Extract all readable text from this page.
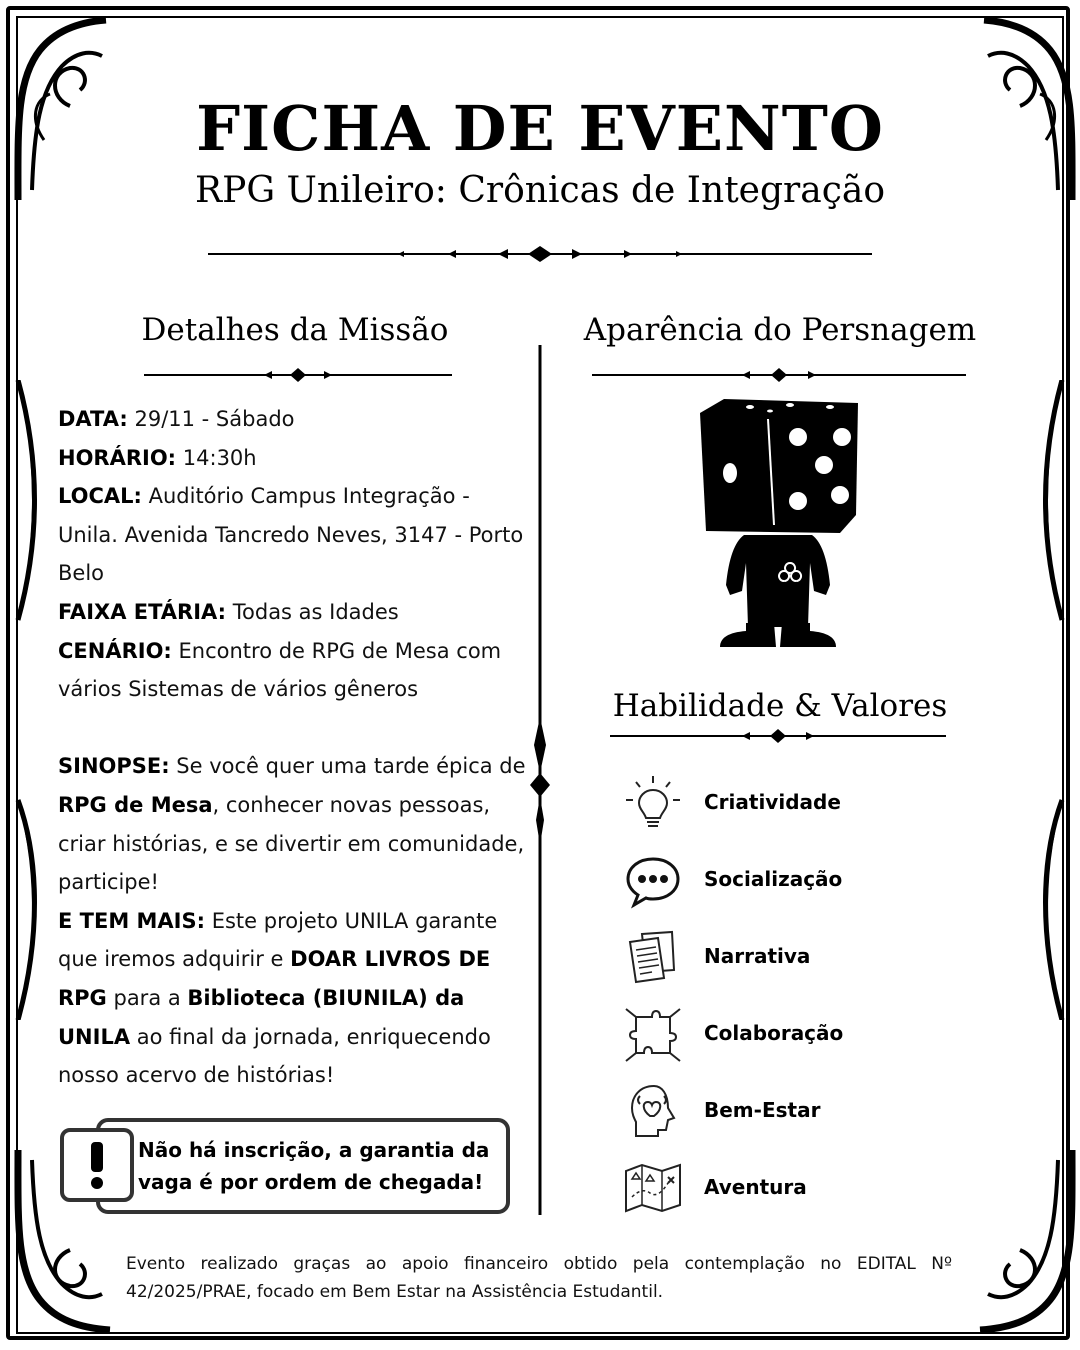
FICHA DE EVENTO
RPG Unileiro: Crônicas de Integração
Detalhes da Missão

DATA: 29/11 - Sábado

HORÁRIO: 14:30h

LOCAL: Auditório Campus Integração - Unila. Avenida Tancredo Neves, 3147 - Porto Belo

FAIXA ETÁRIA: Todas as Idades

CENÁRIO: Encontro de RPG de Mesa com vários Sistemas de vários gêneros

SINOPSE: Se você quer uma tarde épica de RPG de Mesa, conhecer novas pessoas, criar histórias, e se divertir em comunidade, participe!

E TEM MAIS: Este projeto UNILA garante que iremos adquirir e DOAR LIVROS DE RPG para a Biblioteca (BIUNILA) da UNILA ao final da jornada, enriquecendo nosso acervo de histórias!

Não há inscrição, a garantia da vaga é por ordem de chegada!
Aparência do Persnagem
Habilidade & Valores
Criatividade
Socialização
Narrativa
Colaboração
Bem-Estar
Aventura
Evento realizado graças ao apoio financeiro obtido pela contemplação no EDITAL Nº 42/2025/PRAE, focado em Bem Estar na Assistência Estudantil.
